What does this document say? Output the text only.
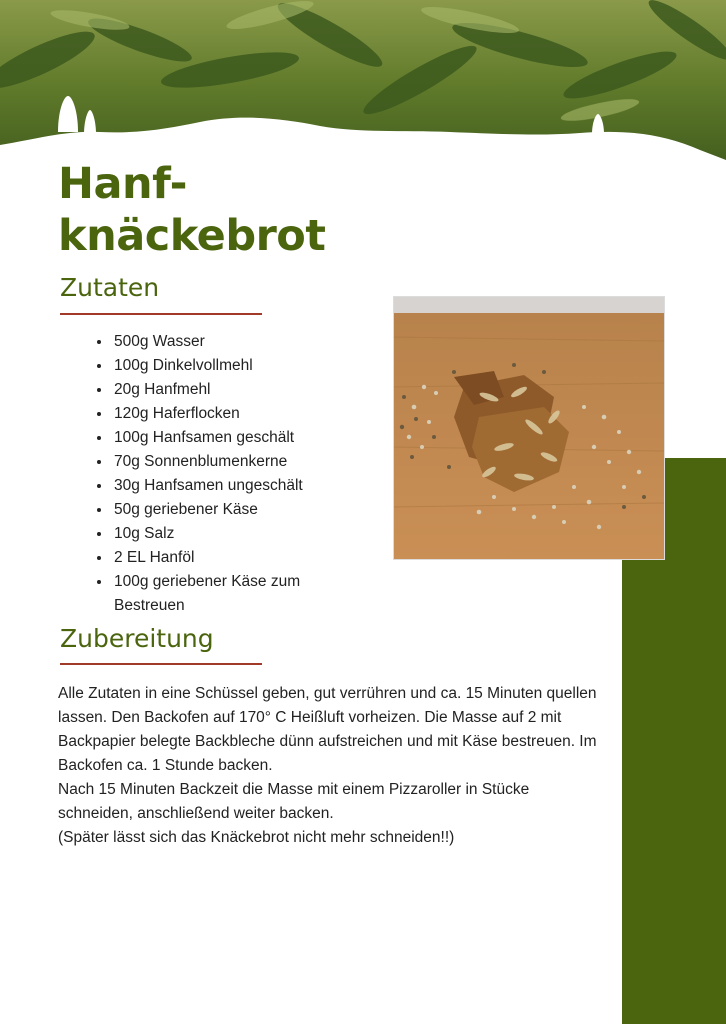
Hanf-
knäckebrot
Zutaten
• 500g Wasser
• 100g Dinkelvollmehl
• 20g Hanfmehl
• 120g Haferflocken
• 100g Hanfsamen geschält
• 70g Sonnenblumenkerne
• 30g Hanfsamen ungeschält
• 50g geriebener Käse
• 10g Salz
• 2 EL Hanföl
• 100g geriebener Käse zum Bestreuen
Zubereitung

Alle Zutaten in eine Schüssel geben, gut verrühren und ca. 15 Minuten quellen lassen. Den Backofen auf 170° C Heißluft vorheizen. Die Masse auf 2 mit Backpapier belegte Backbleche dünn aufstreichen und mit Käse bestreuen. Im Backofen ca. 1 Stunde backen.

Nach 15 Minuten Backzeit die Masse mit einem Pizzaroller in Stücke schneiden, anschließend weiter backen.

(Später lässt sich das Knäckebrot nicht mehr schneiden!!)
